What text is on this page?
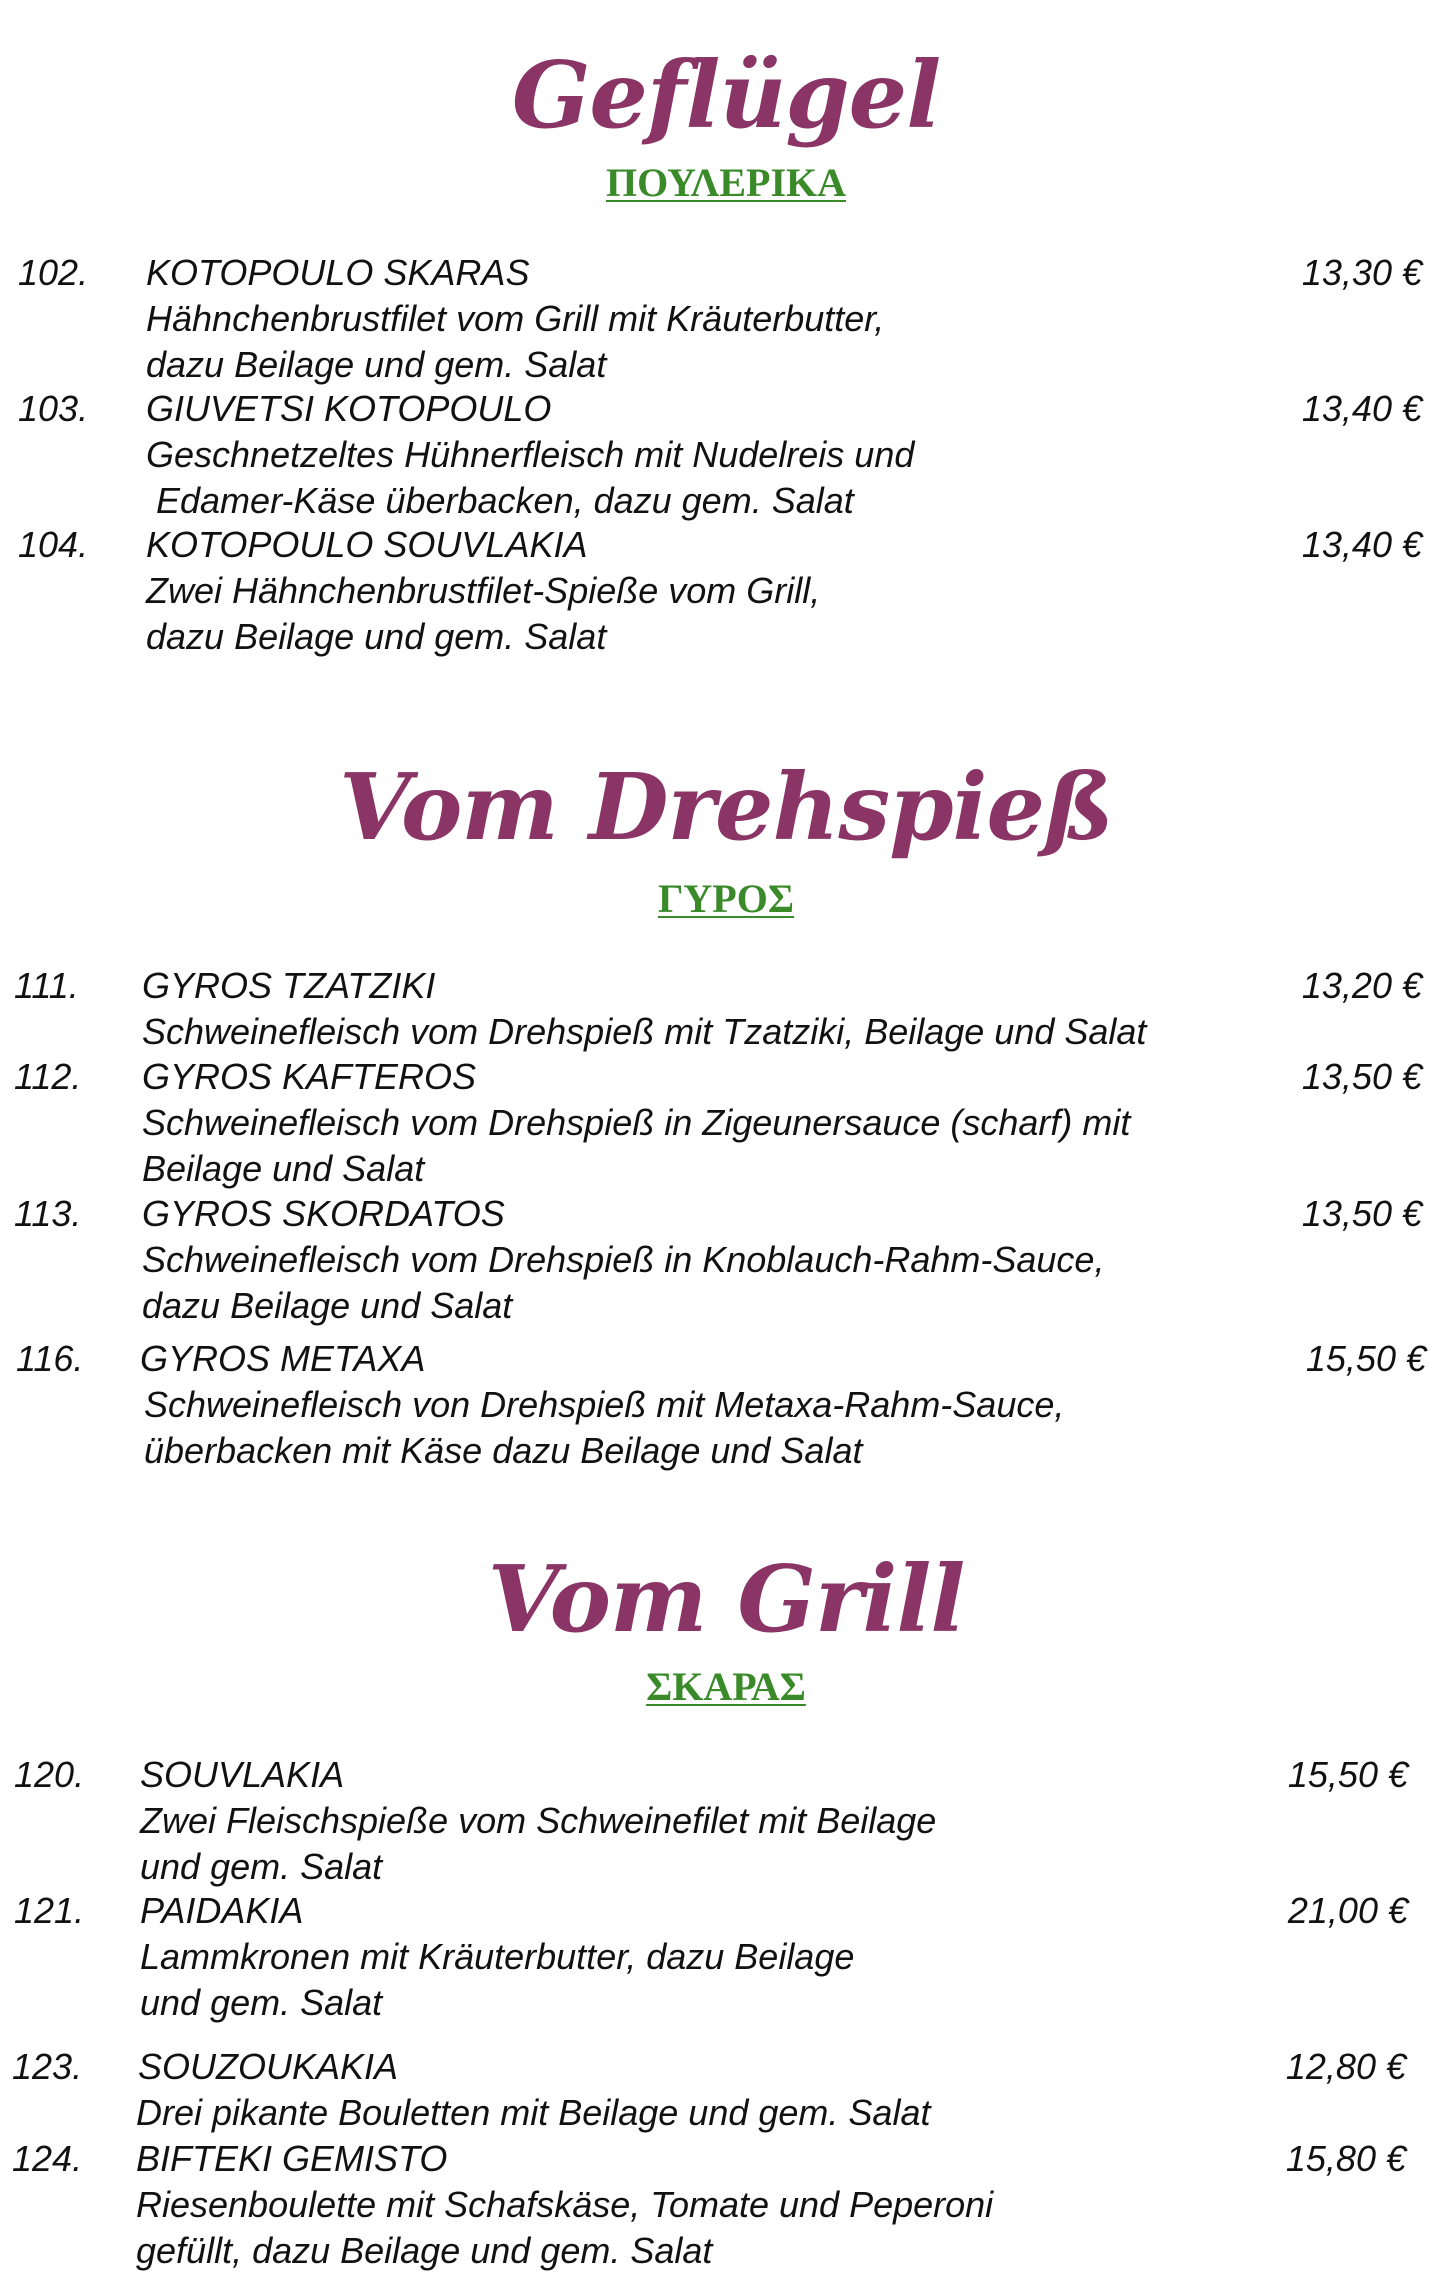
Geflügel
ΠΟΥΛΕΡΙΚΑ
102. KOTOPOULO SKARAS	13,30 €
Hähnchenbrustfilet vom Grill mit Kräuterbutter,
dazu Beilage und gem. Salat
103. GIUVETSI KOTOPOULO	13,40 €
Geschnetzeltes Hühnerfleisch mit Nudelreis und
Edamer-Käse überbacken, dazu gem. Salat
104. KOTOPOULO SOUVLAKIA	13,40 €
Zwei Hähnchenbrustfilet-Spieße vom Grill,
dazu Beilage und gem. Salat
Vom Drehspieß
ΓΥΡΟΣ
111. GYROS TZATZIKI	13,20 €
Schweinefleisch vom Drehspieß mit Tzatziki, Beilage und Salat
112. GYROS KAFTEROS	13,50 €
Schweinefleisch vom Drehspieß in Zigeunersauce (scharf) mit
Beilage und Salat
113. GYROS SKORDATOS	13,50 €
Schweinefleisch vom Drehspieß in Knoblauch-Rahm-Sauce,
dazu Beilage und Salat
116. GYROS METAXA	15,50 €
Schweinefleisch von Drehspieß mit Metaxa-Rahm-Sauce,
überbacken mit Käse dazu Beilage und Salat
Vom Grill
ΣΚΑΡΑΣ
120. SOUVLAKIA	15,50 €
Zwei Fleischspieße vom Schweinefilet mit Beilage
und gem. Salat
121. PAIDAKIA	21,00 €
Lammkronen mit Kräuterbutter, dazu Beilage
und gem. Salat
123. SOUZOUKAKIA	12,80 €
Drei pikante Bouletten mit Beilage und gem. Salat
124. BIFTEKI GEMISTO	15,80 €
Riesenboulette mit Schafskäse, Tomate und Peperoni
gefüllt, dazu Beilage und gem. Salat
